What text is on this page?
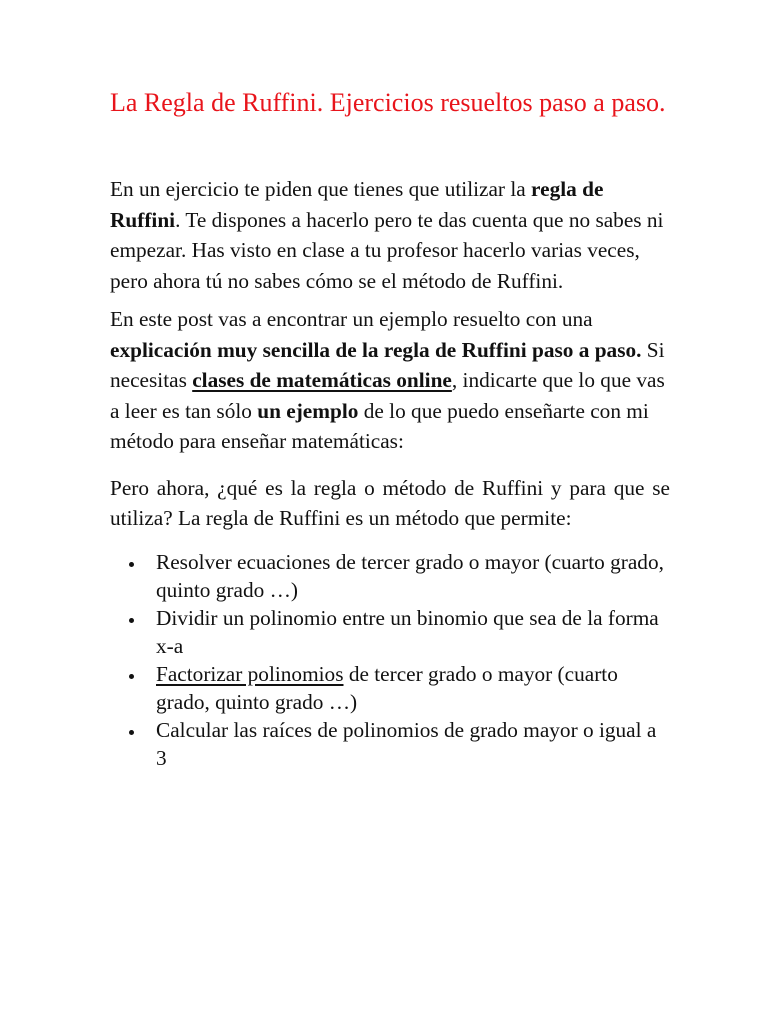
La Regla de Ruffini. Ejercicios resueltos paso a paso.

En un ejercicio te piden que tienes que utilizar la regla de Ruffini. Te dispones a hacerlo pero te das cuenta que no sabes ni empezar. Has visto en clase a tu profesor hacerlo varias veces, pero ahora tú no sabes cómo se el método de Ruffini.

En este post vas a encontrar un ejemplo resuelto con una explicación muy sencilla de la regla de Ruffini paso a paso. Si necesitas clases de matemáticas online, indicarte que lo que vas a leer es tan sólo un ejemplo de lo que puedo enseñarte con mi método para enseñar matemáticas:

Pero ahora, ¿qué es la regla o método de Ruffini y para que se utiliza? La regla de Ruffini es un método que permite:

Resolver ecuaciones de tercer grado o mayor (cuarto grado, quinto grado …)
Dividir un polinomio entre un binomio que sea de la forma x-a
Factorizar polinomios de tercer grado o mayor (cuarto grado, quinto grado …)
Calcular las raíces de polinomios de grado mayor o igual a 3
